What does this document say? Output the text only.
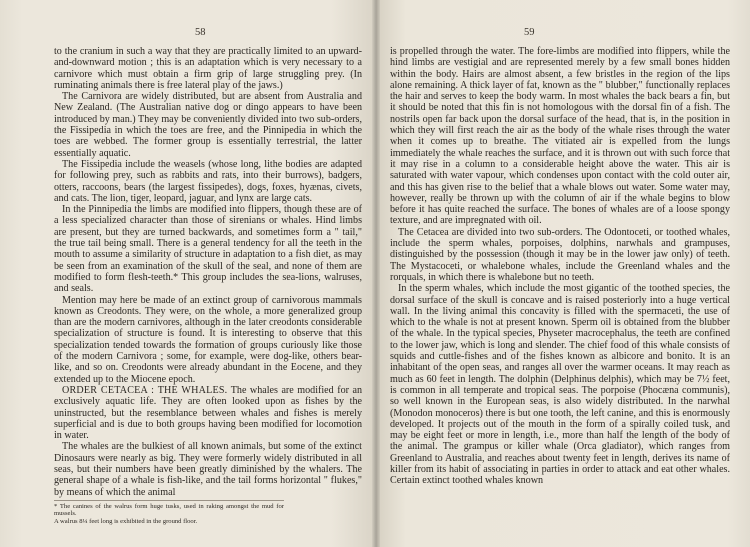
58

to the cranium in such a way that they are practically limited to an upward-and-downward motion ; this is an adaptation which is very necessary to a carnivore which must obtain a firm grip of large struggling prey. (In ruminating animals there is free lateral play of the jaws.)

The Carnivora are widely distributed, but are absent from Australia and New Zealand. (The Australian native dog or dingo appears to have been introduced by man.) They may be conveniently divided into two sub-orders, the Fissipedia in which the toes are free, and the Pinnipedia in which the toes are webbed. The former group is essentially terrestrial, the latter essentially aquatic.

The Fissipedia include the weasels (whose long, lithe bodies are adapted for following prey, such as rabbits and rats, into their burrows), badgers, otters, raccoons, bears (the largest fissipedes), dogs, foxes, hyænas, civets, and cats. The lion, tiger, leopard, jaguar, and lynx are large cats.

In the Pinnipedia the limbs are modified into flippers, though these are of a less specialized character than those of sirenians or whales. Hind limbs are present, but they are turned backwards, and sometimes form a " tail," the true tail being small. There is a general tendency for all the teeth in the mouth to assume a similarity of structure in adaptation to a fish diet, as may be seen from an examination of the skull of the seal, and none of them are modified to form flesh-teeth.* This group includes the sea-lions, walruses, and seals.

Mention may here be made of an extinct group of carnivorous mammals known as Creodonts. They were, on the whole, a more generalized group than are the modern carnivores, although in the later creodonts considerable specialization of structure is found. It is interesting to observe that this specialization tended towards the formation of groups curiously like those of the modern Carnivora ; some, for example, were dog-like, others bear-like, and so on. Creodonts were already abundant in the Eocene, and they extended up to the Miocene epoch.

ORDER CETACEA : THE WHALES. The whales are modified for an exclusively aquatic life. They are often looked upon as fishes by the uninstructed, but the resemblance between whales and fishes is merely superficial and is due to both groups having been modified for locomotion in water.

The whales are the bulkiest of all known animals, but some of the extinct Dinosaurs were nearly as big. They were formerly widely distributed in all seas, but their numbers have been greatly diminished by the whalers. The general shape of a whale is fish-like, and the tail forms horizontal " flukes," by means of which the animal

* The canines of the walrus form huge tusks, used in raking amongst the mud for mussels.
A walrus 8¼ feet long is exhibited in the ground floor.
59

is propelled through the water. The fore-limbs are modified into flippers, while the hind limbs are vestigial and are represented merely by a few small bones hidden within the body. Hairs are almost absent, a few bristles in the region of the lips alone remaining. A thick layer of fat, known as the " blubber," functionally replaces the hair and serves to keep the body warm. In most whales the back bears a fin, but it should be noted that this fin is not homologous with the dorsal fin of a fish. The nostrils open far back upon the dorsal surface of the head, that is, in the position in which they will first reach the air as the body of the whale rises through the water when it comes up to breathe. The vitiated air is expelled from the lungs immediately the whale reaches the surface, and it is thrown out with such force that it may rise in a column to a considerable height above the water. This air is saturated with water vapour, which condenses upon contact with the cold outer air, and this has given rise to the belief that a whale blows out water. Some water may, however, really be thrown up with the column of air if the whale begins to blow before it has quite reached the surface. The bones of whales are of a loose spongy texture, and are impregnated with oil.

The Cetacea are divided into two sub-orders. The Odontoceti, or toothed whales, include the sperm whales, porpoises, dolphins, narwhals and grampuses, distinguished by the possession (though it may be in the lower jaw only) of teeth. The Mystacoceti, or whalebone whales, include the Greenland whales and the rorquals, in which there is whalebone but no teeth.

In the sperm whales, which include the most gigantic of the toothed species, the dorsal surface of the skull is concave and is raised posteriorly into a huge vertical wall. In the living animal this concavity is filled with the spermaceti, the use of which to the whale is not at present known. Sperm oil is obtained from the blubber of the whale. In the typical species, Physeter macrocephalus, the teeth are confined to the lower jaw, which is long and slender. The chief food of this whale consists of squids and cuttle-fishes and of the fishes known as albicore and bonito. It is an inhabitant of the open seas, and ranges all over the warmer oceans. It may reach as much as 60 feet in length. The dolphin (Delphinus delphis), which may be 7½ feet, is common in all temperate and tropical seas. The porpoise (Phocæna communis), so well known in the European seas, is also widely distributed. In the narwhal (Monodon monoceros) there is but one tooth, the left canine, and this is enormously developed. It projects out of the mouth in the form of a spirally coiled tusk, and may be eight feet or more in length, i.e., more than half the length of the body of the animal. The grampus or killer whale (Orca gladiator), which ranges from Greenland to Australia, and reaches about twenty feet in length, derives its name of killer from its habit of associating in parties in order to attack and eat other whales. Certain extinct toothed whales known
